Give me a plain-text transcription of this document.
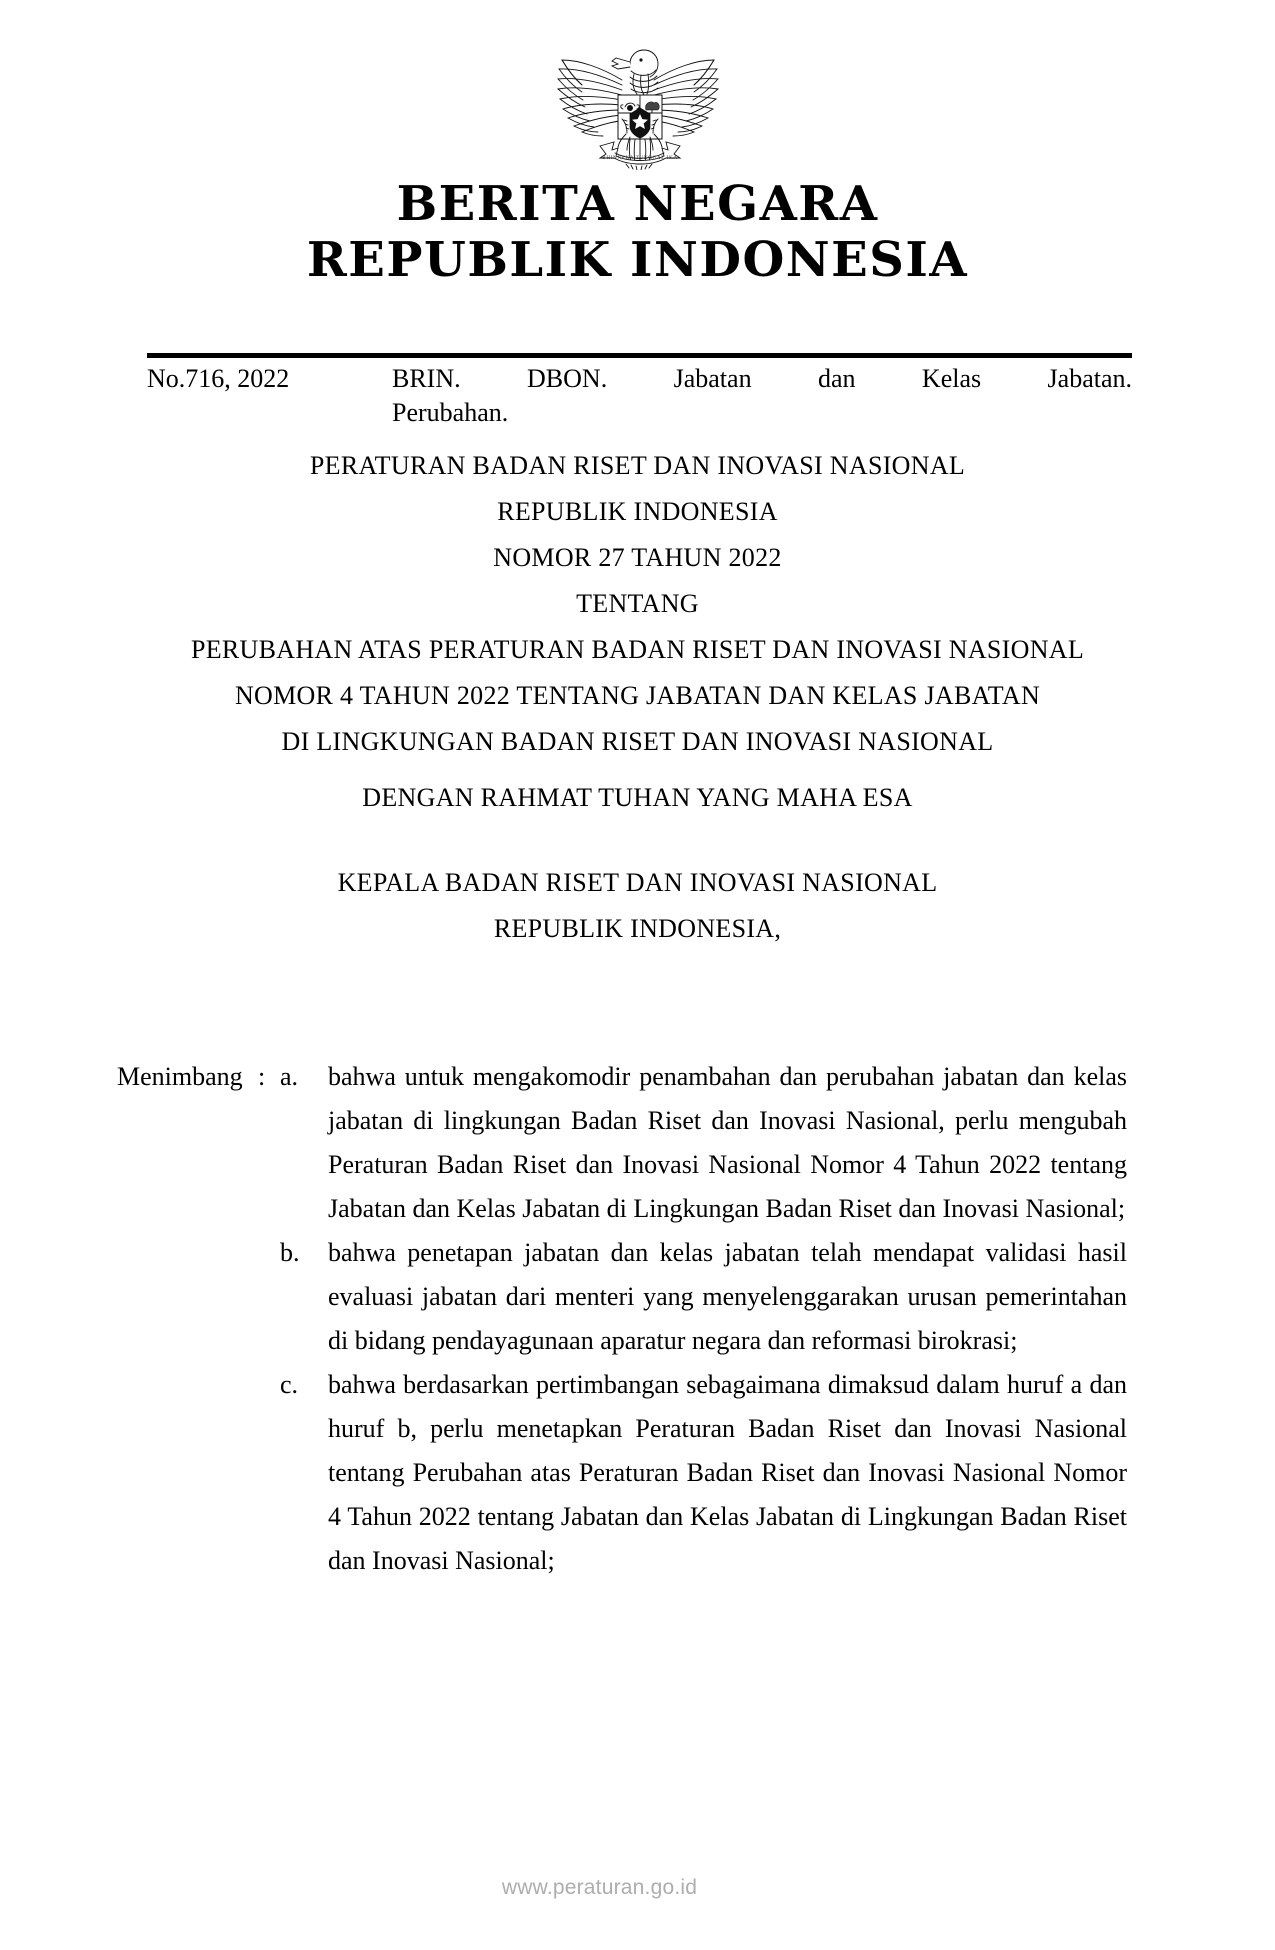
BHINNEKA TUNGGAL IKA
BERITA NEGARA
REPUBLIK INDONESIA
No.716, 2022	BRIN. DBON. Jabatan dan Kelas Jabatan.
Perubahan.
PERATURAN BADAN RISET DAN INOVASI NASIONAL
REPUBLIK INDONESIA
NOMOR 27 TAHUN 2022
TENTANG
PERUBAHAN ATAS PERATURAN BADAN RISET DAN INOVASI NASIONAL
NOMOR 4 TAHUN 2022 TENTANG JABATAN DAN KELAS JABATAN
DI LINGKUNGAN BADAN RISET DAN INOVASI NASIONAL
DENGAN RAHMAT TUHAN YANG MAHA ESA
KEPALA BADAN RISET DAN INOVASI NASIONAL
REPUBLIK INDONESIA,
Menimbang : a.	bahwa untuk mengakomodir penambahan dan perubahan jabatan dan kelas jabatan di lingkungan Badan Riset dan Inovasi Nasional, perlu mengubah Peraturan Badan Riset dan Inovasi Nasional Nomor 4 Tahun 2022 tentang Jabatan dan Kelas Jabatan di Lingkungan Badan Riset dan Inovasi Nasional;
b.	bahwa penetapan jabatan dan kelas jabatan telah mendapat validasi hasil evaluasi jabatan dari menteri yang menyelenggarakan urusan pemerintahan di bidang pendayagunaan aparatur negara dan reformasi birokrasi;
c.	bahwa berdasarkan pertimbangan sebagaimana dimaksud dalam huruf a dan huruf b, perlu menetapkan Peraturan Badan Riset dan Inovasi Nasional tentang Perubahan atas Peraturan Badan Riset dan Inovasi Nasional Nomor 4 Tahun 2022 tentang Jabatan dan Kelas Jabatan di Lingkungan Badan Riset dan Inovasi Nasional;
www.peraturan.go.id
